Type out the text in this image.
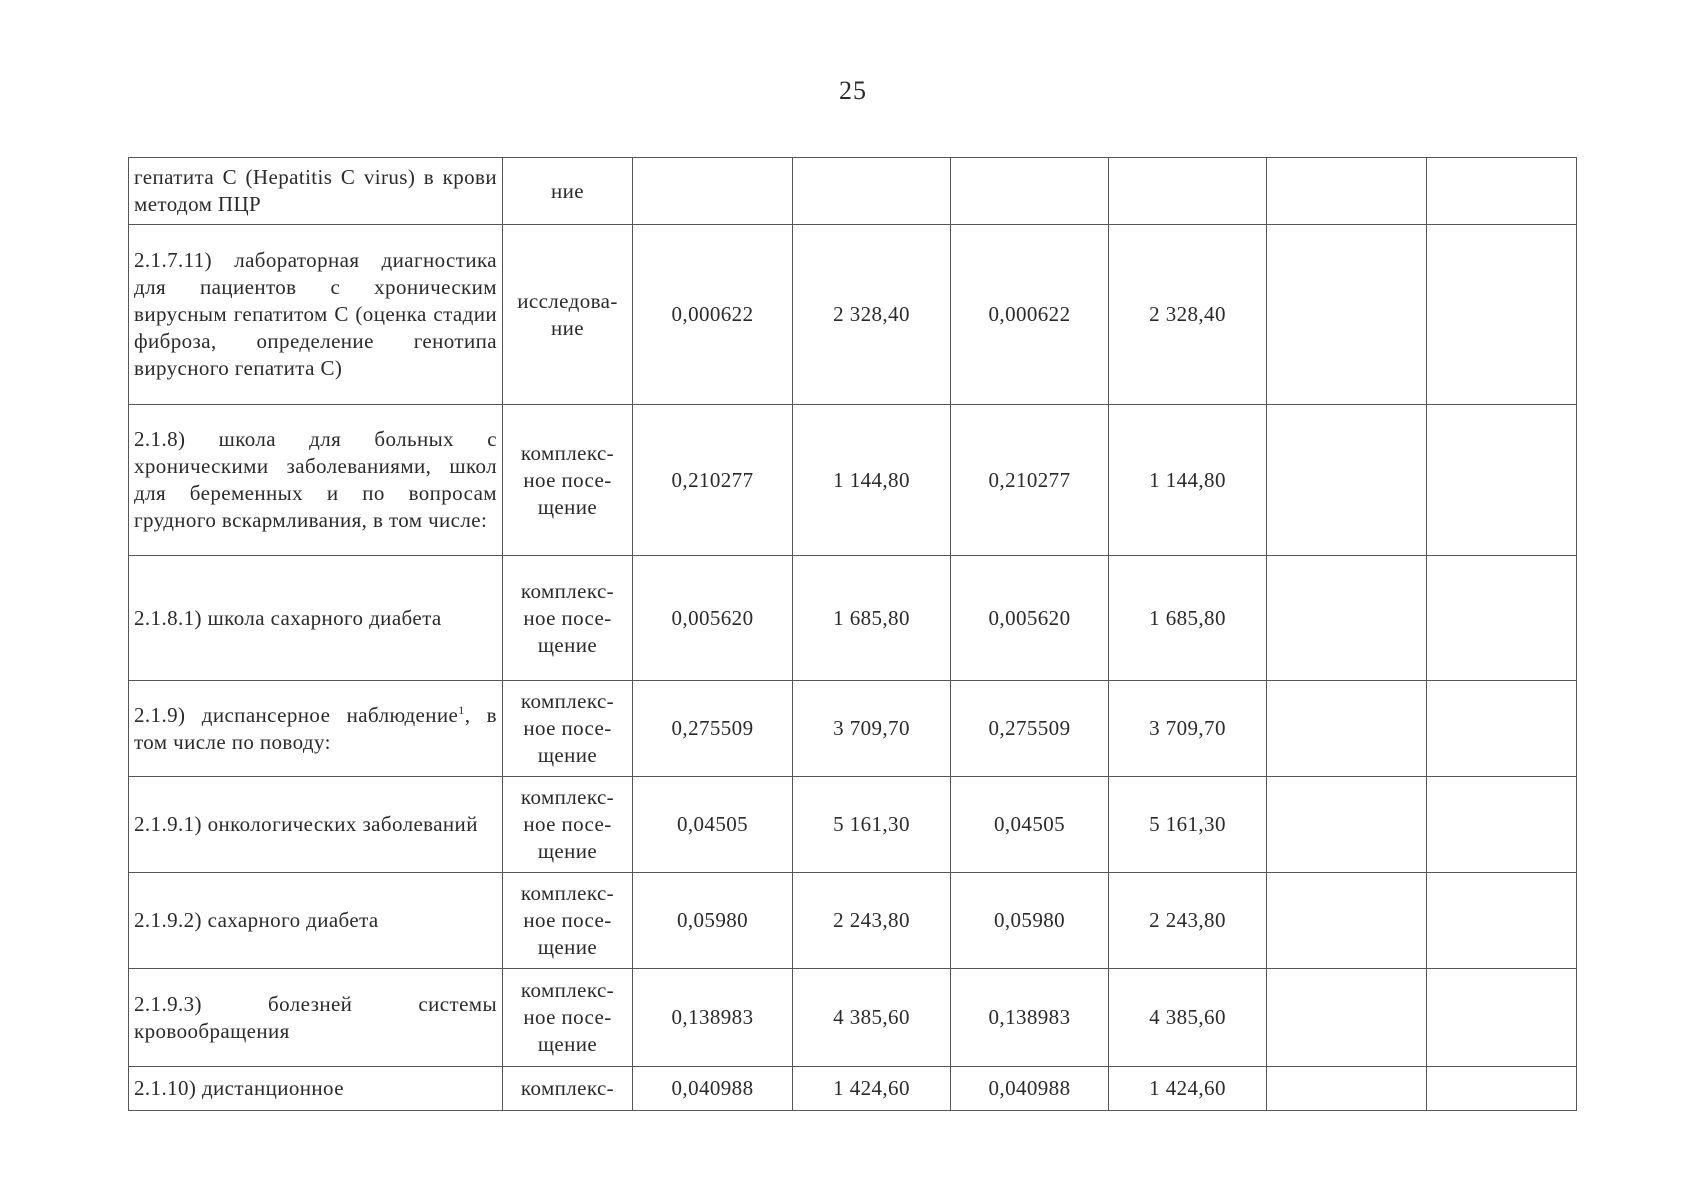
25
гепатита С (Hepatitis С virus) в крови методом ПЦР	ние						
2.1.7.11) лабораторная диагностика для пациентов с хроническим вирусным гепатитом С (оценка стадии фиброза, определение генотипа вирусного гепатита С)	исследова-ние	0,000622	2 328,40	0,000622	2 328,40		
2.1.8) школа для больных с хроническими заболеваниями, школ для беременных и по вопросам грудного вскармливания, в том числе:	комплекс-ное посе-щение	0,210277	1 144,80	0,210277	1 144,80		
2.1.8.1) школа сахарного диабета	комплекс-ное посе-щение	0,005620	1 685,80	0,005620	1 685,80		
2.1.9) диспансерное наблюдение$^1$, в том числе по поводу:	комплекс-ное посе-щение	0,275509	3 709,70	0,275509	3 709,70		
2.1.9.1) онкологических заболеваний	комплекс-ное посе-щение	0,04505	5 161,30	0,04505	5 161,30		
2.1.9.2) сахарного диабета	комплекс-ное посе-щение	0,05980	2 243,80	0,05980	2 243,80		
2.1.9.3) болезней системы кровообращения	комплекс-ное посе-щение	0,138983	4 385,60	0,138983	4 385,60		
2.1.10) дистанционное	комплекс-	0,040988	1 424,60	0,040988	1 424,60		
